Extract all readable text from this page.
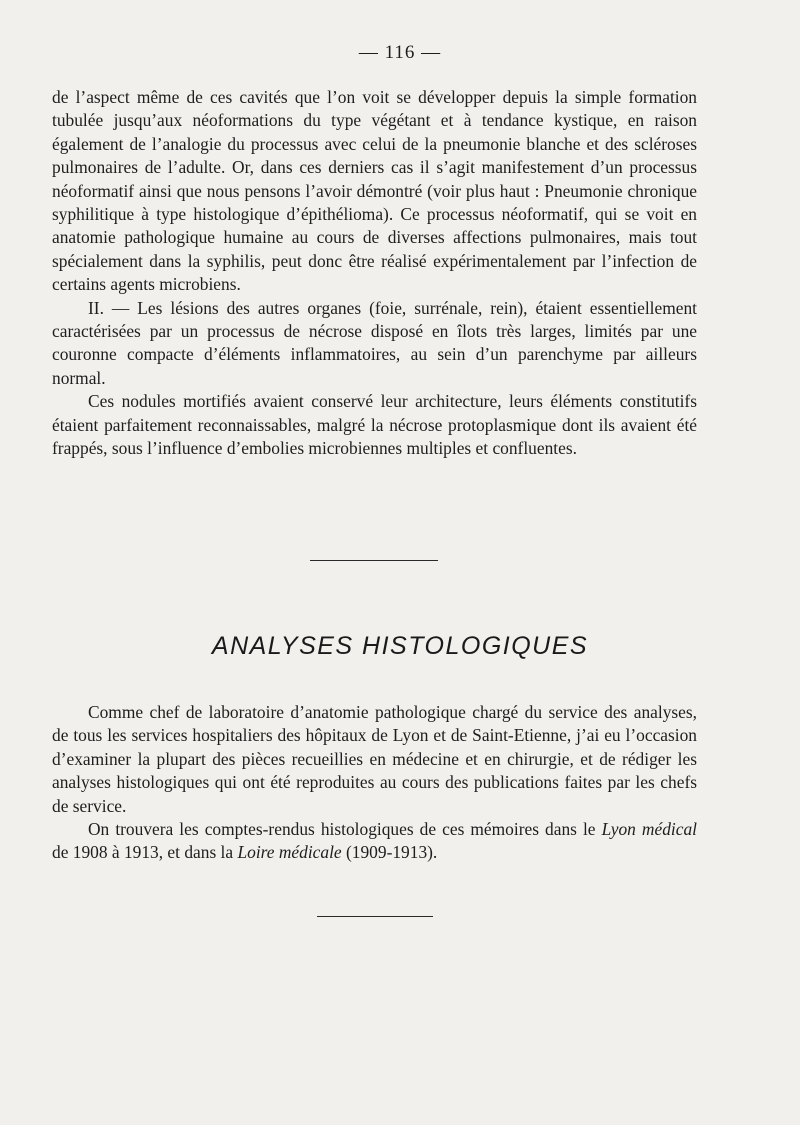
— 116 —

de l’aspect même de ces cavités que l’on voit se développer depuis la simple formation tubulée jusqu’aux néoformations du type végétant et à tendance kystique, en raison également de l’analogie du processus avec celui de la pneumonie blanche et des scléroses pulmonaires de l’adulte. Or, dans ces derniers cas il s’agit manifestement d’un processus néoformatif ainsi que nous pensons l’avoir démontré (voir plus haut : Pneumonie chronique syphilitique à type histologique d’épithélioma). Ce processus néoformatif, qui se voit en anatomie pathologique humaine au cours de diverses affections pulmonaires, mais tout spécialement dans la syphilis, peut donc être réalisé expérimentalement par l’infection de certains agents microbiens.

II. — Les lésions des autres organes (foie, surrénale, rein), étaient essentiellement caractérisées par un processus de nécrose disposé en îlots très larges, limités par une couronne compacte d’éléments inflammatoires, au sein d’un parenchyme par ailleurs normal.

Ces nodules mortifiés avaient conservé leur architecture, leurs éléments constitutifs étaient parfaitement reconnaissables, malgré la nécrose protoplasmique dont ils avaient été frappés, sous l’influence d’embolies microbiennes multiples et confluentes.

ANALYSES HISTOLOGIQUES

Comme chef de laboratoire d’anatomie pathologique chargé du service des analyses, de tous les services hospitaliers des hôpitaux de Lyon et de Saint-Etienne, j’ai eu l’occasion d’examiner la plupart des pièces recueillies en médecine et en chirurgie, et de rédiger les analyses histologiques qui ont été reproduites au cours des publications faites par les chefs de service.

On trouvera les comptes-rendus histologiques de ces mémoires dans le Lyon médical de 1908 à 1913, et dans la Loire médicale (1909-1913).
